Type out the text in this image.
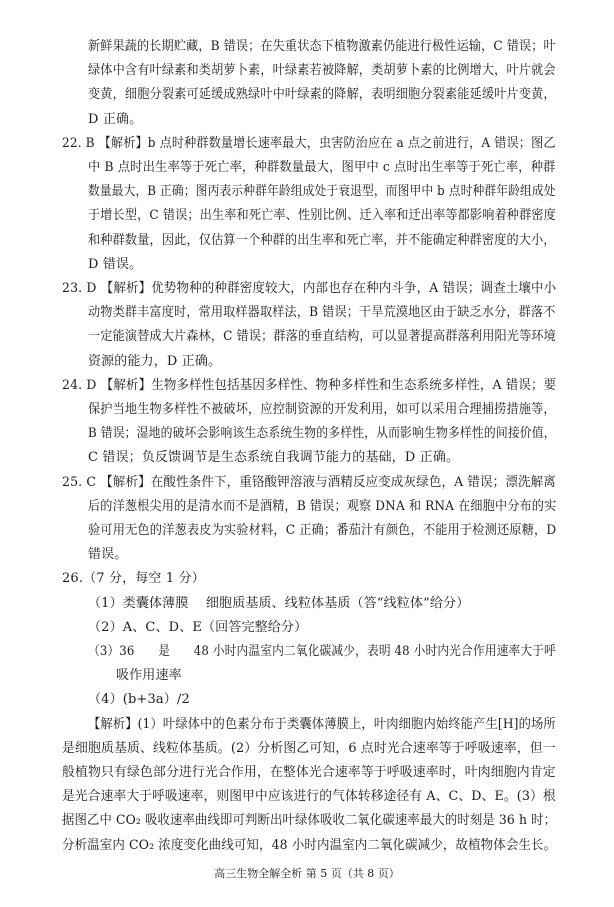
新鲜果蔬的长期贮藏，B 错误；在失重状态下植物激素仍能进行极性运输，C 错误；叶
绿体中含有叶绿素和类胡萝卜素，叶绿素若被降解，类胡萝卜素的比例增大，叶片就会
变黄，细胞分裂素可延缓成熟绿叶中叶绿素的降解，表明细胞分裂素能延缓叶片变黄，
D 正确。
22. B 【解析】b 点时种群数量增长速率最大，虫害防治应在 a 点之前进行，A 错误；图乙
中 B 点时出生率等于死亡率，种群数量最大，图甲中 c 点时出生率等于死亡率，种群
数量最大，B 正确；图丙表示种群年龄组成处于衰退型，而图甲中 b 点时种群年龄组成处
于增长型，C 错误；出生率和死亡率、性别比例、迁入率和迁出率等都影响着种群密度
和种群数量，因此，仅估算一个种群的出生率和死亡率，并不能确定种群密度的大小，
D 错误。
23. D 【解析】优势物种的种群密度较大，内部也存在种内斗争，A 错误；调查土壤中小
动物类群丰富度时，常用取样器取样法，B 错误；干旱荒漠地区由于缺乏水分，群落不
一定能演替成大片森林，C 错误；群落的垂直结构，可以显著提高群落利用阳光等环境
资源的能力，D 正确。
24. D 【解析】生物多样性包括基因多样性、物种多样性和生态系统多样性，A 错误；要
保护当地生物多样性不被破坏，应控制资源的开发利用，如可以采用合理捕捞措施等，
B 错误；湿地的破坏会影响该生态系统生物的多样性，从而影响生物多样性的间接价值，
C 错误；负反馈调节是生态系统自我调节能力的基础，D 正确。
25. C 【解析】在酸性条件下，重铬酸钾溶液与酒精反应变成灰绿色，A 错误；漂洗解离
后的洋葱根尖用的是清水而不是酒精，B 错误；观察 DNA 和 RNA 在细胞中分布的实
验可用无色的洋葱表皮为实验材料，C 正确；番茄汁有颜色，不能用于检测还原糖，D
错误。
26.（7 分，每空 1 分）
（1）类囊体薄膜　 细胞质基质、线粒体基质（答“线粒体”给分）
（2）A、C、D、E（回答完整给分）
（3）36　　是　　48 小时内温室内二氧化碳减少，表明 48 小时内光合作用速率大于呼
吸作用速率
（4）(b+3a）/2
【解析】(1）叶绿体中的色素分布于类囊体薄膜上，叶肉细胞内始终能产生[H]的场所
是细胞质基质、线粒体基质。(2）分析图乙可知，6 点时光合速率等于呼吸速率，但一
般植物只有绿色部分进行光合作用，在整体光合速率等于呼吸速率时，叶肉细胞内肯定
是光合速率大于呼吸速率，则图甲中应该进行的气体转移途径有 A、C、D、E。(3）根
据图乙中 CO₂ 吸收速率曲线即可判断出叶绿体吸收二氧化碳速率最大的时刻是 36 h 时；
分析温室内 CO₂ 浓度变化曲线可知，48 小时内温室内二氧化碳减少，故植物体会生长。
高三生物全解全析 第 5 页（共 8 页）
